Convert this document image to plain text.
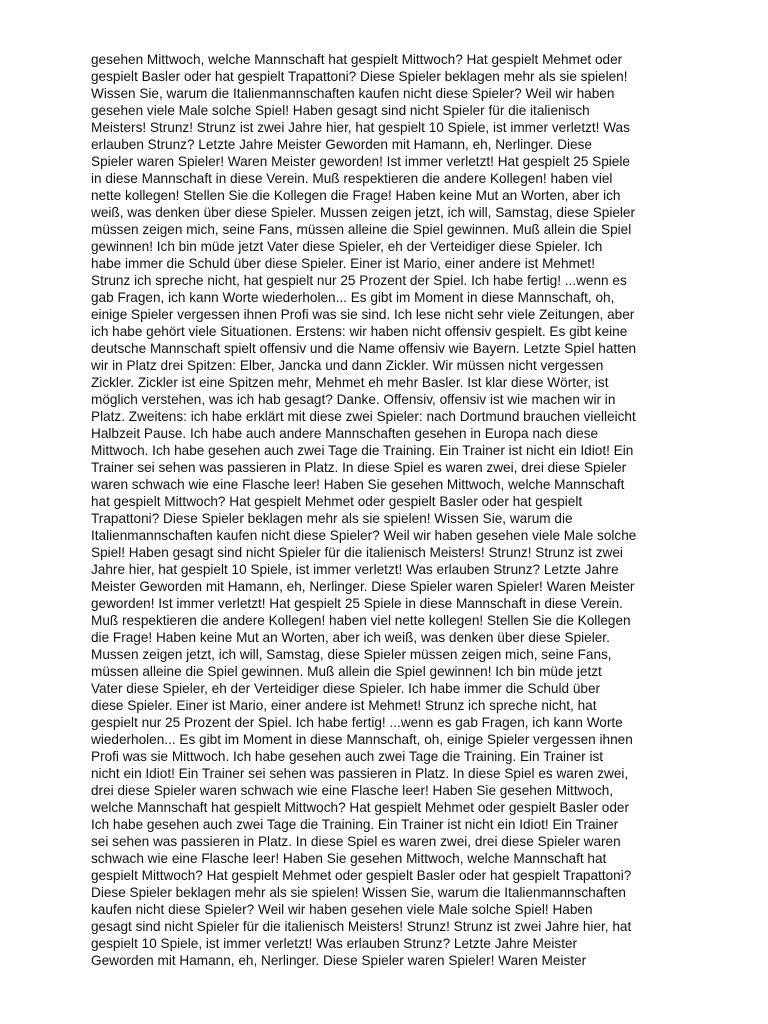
gesehen Mittwoch, welche Mannschaft hat gespielt Mittwoch? Hat gespielt Mehmet oder
gespielt Basler oder hat gespielt Trapattoni? Diese Spieler beklagen mehr als sie spielen!
Wissen Sie, warum die Italienmannschaften kaufen nicht diese Spieler? Weil wir haben
gesehen viele Male solche Spiel! Haben gesagt sind nicht Spieler für die italienisch
Meisters! Strunz! Strunz ist zwei Jahre hier, hat gespielt 10 Spiele, ist immer verletzt! Was
erlauben Strunz? Letzte Jahre Meister Geworden mit Hamann, eh, Nerlinger. Diese
Spieler waren Spieler! Waren Meister geworden! Ist immer verletzt! Hat gespielt 25 Spiele
in diese Mannschaft in diese Verein. Muß respektieren die andere Kollegen! haben viel
nette kollegen! Stellen Sie die Kollegen die Frage! Haben keine Mut an Worten, aber ich
weiß, was denken über diese Spieler. Mussen zeigen jetzt, ich will, Samstag, diese Spieler
müssen zeigen mich, seine Fans, müssen alleine die Spiel gewinnen. Muß allein die Spiel
gewinnen! Ich bin müde jetzt Vater diese Spieler, eh der Verteidiger diese Spieler. Ich
habe immer die Schuld über diese Spieler. Einer ist Mario, einer andere ist Mehmet!
Strunz ich spreche nicht, hat gespielt nur 25 Prozent der Spiel. Ich habe fertig! ...wenn es
gab Fragen, ich kann Worte wiederholen... Es gibt im Moment in diese Mannschaft, oh,
einige Spieler vergessen ihnen Profi was sie sind. Ich lese nicht sehr viele Zeitungen, aber
ich habe gehört viele Situationen. Erstens: wir haben nicht offensiv gespielt. Es gibt keine
deutsche Mannschaft spielt offensiv und die Name offensiv wie Bayern. Letzte Spiel hatten
wir in Platz drei Spitzen: Elber, Jancka und dann Zickler. Wir müssen nicht vergessen
Zickler. Zickler ist eine Spitzen mehr, Mehmet eh mehr Basler. Ist klar diese Wörter, ist
möglich verstehen, was ich hab gesagt? Danke. Offensiv, offensiv ist wie machen wir in
Platz. Zweitens: ich habe erklärt mit diese zwei Spieler: nach Dortmund brauchen vielleicht
Halbzeit Pause. Ich habe auch andere Mannschaften gesehen in Europa nach diese
Mittwoch. Ich habe gesehen auch zwei Tage die Training. Ein Trainer ist nicht ein Idiot! Ein
Trainer sei sehen was passieren in Platz. In diese Spiel es waren zwei, drei diese Spieler
waren schwach wie eine Flasche leer! Haben Sie gesehen Mittwoch, welche Mannschaft
hat gespielt Mittwoch? Hat gespielt Mehmet oder gespielt Basler oder hat gespielt
Trapattoni? Diese Spieler beklagen mehr als sie spielen! Wissen Sie, warum die
Italienmannschaften kaufen nicht diese Spieler? Weil wir haben gesehen viele Male solche
Spiel! Haben gesagt sind nicht Spieler für die italienisch Meisters! Strunz! Strunz ist zwei
Jahre hier, hat gespielt 10 Spiele, ist immer verletzt! Was erlauben Strunz? Letzte Jahre
Meister Geworden mit Hamann, eh, Nerlinger. Diese Spieler waren Spieler! Waren Meister
geworden! Ist immer verletzt! Hat gespielt 25 Spiele in diese Mannschaft in diese Verein.
Muß respektieren die andere Kollegen! haben viel nette kollegen! Stellen Sie die Kollegen
die Frage! Haben keine Mut an Worten, aber ich weiß, was denken über diese Spieler.
Mussen zeigen jetzt, ich will, Samstag, diese Spieler müssen zeigen mich, seine Fans,
müssen alleine die Spiel gewinnen. Muß allein die Spiel gewinnen! Ich bin müde jetzt
Vater diese Spieler, eh der Verteidiger diese Spieler. Ich habe immer die Schuld über
diese Spieler. Einer ist Mario, einer andere ist Mehmet! Strunz ich spreche nicht, hat
gespielt nur 25 Prozent der Spiel. Ich habe fertig! ...wenn es gab Fragen, ich kann Worte
wiederholen... Es gibt im Moment in diese Mannschaft, oh, einige Spieler vergessen ihnen
Profi was sie Mittwoch. Ich habe gesehen auch zwei Tage die Training. Ein Trainer ist
nicht ein Idiot! Ein Trainer sei sehen was passieren in Platz. In diese Spiel es waren zwei,
drei diese Spieler waren schwach wie eine Flasche leer! Haben Sie gesehen Mittwoch,
welche Mannschaft hat gespielt Mittwoch? Hat gespielt Mehmet oder gespielt Basler oder
Ich habe gesehen auch zwei Tage die Training. Ein Trainer ist nicht ein Idiot! Ein Trainer
sei sehen was passieren in Platz. In diese Spiel es waren zwei, drei diese Spieler waren
schwach wie eine Flasche leer! Haben Sie gesehen Mittwoch, welche Mannschaft hat
gespielt Mittwoch? Hat gespielt Mehmet oder gespielt Basler oder hat gespielt Trapattoni?
Diese Spieler beklagen mehr als sie spielen! Wissen Sie, warum die Italienmannschaften
kaufen nicht diese Spieler? Weil wir haben gesehen viele Male solche Spiel! Haben
gesagt sind nicht Spieler für die italienisch Meisters! Strunz! Strunz ist zwei Jahre hier, hat
gespielt 10 Spiele, ist immer verletzt! Was erlauben Strunz? Letzte Jahre Meister
Geworden mit Hamann, eh, Nerlinger. Diese Spieler waren Spieler! Waren Meister
